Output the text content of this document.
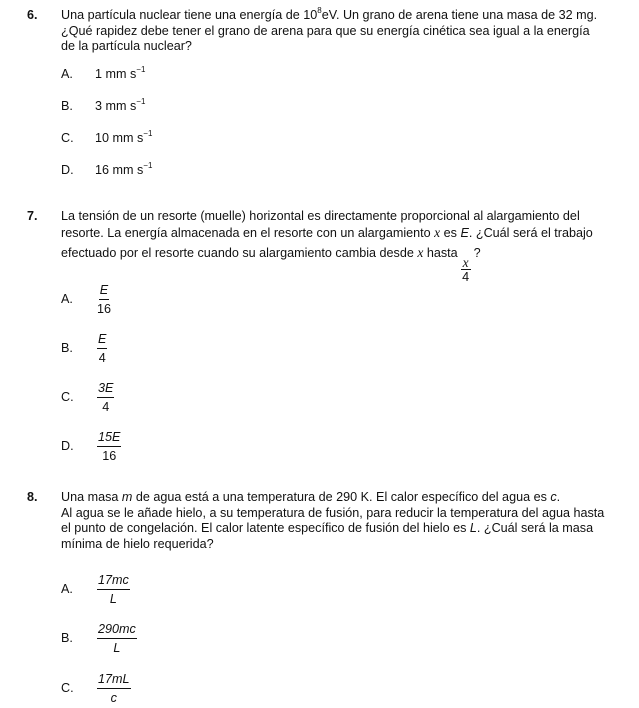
6. Una partícula nuclear tiene una energía de $10^8eV$. Un grano de arena tiene una masa de 32 mg.
¿Qué rapidez debe tener el grano de arena para que su energía cinética sea igual a la energía
de la partícula nuclear?
A. 1 mm $s^{-1}$
B. 3 mm $s^{-1}$
C. 10 mm $s^{-1}$
D. 16 mm $s^{-1}$
7. La tensión de un resorte (muelle) horizontal es directamente proporcional al alargamiento del
resorte. La energía almacenada en el resorte con un alargamiento x es E. ¿Cuál será el trabajo
efectuado por el resorte cuando su alargamiento cambia desde x hasta
$\frac{x}{4}$
?
A. $\frac{E}{16}$
B. $\frac{E}{4}$
C. $\frac{3E}{4}$
D. $\frac{15E}{16}$
8. Una masa m de agua está a una temperatura de 290 K. El calor específico del agua es c.
Al agua se le añade hielo, a su temperatura de fusión, para reducir la temperatura del agua hasta
el punto de congelación. El calor latente específico de fusión del hielo es L. ¿Cuál será la masa
mínima de hielo requerida?
A. $\frac{17mc}{L}$
B. $\frac{290mc}{L}$
C. $\frac{17mL}{c}$
